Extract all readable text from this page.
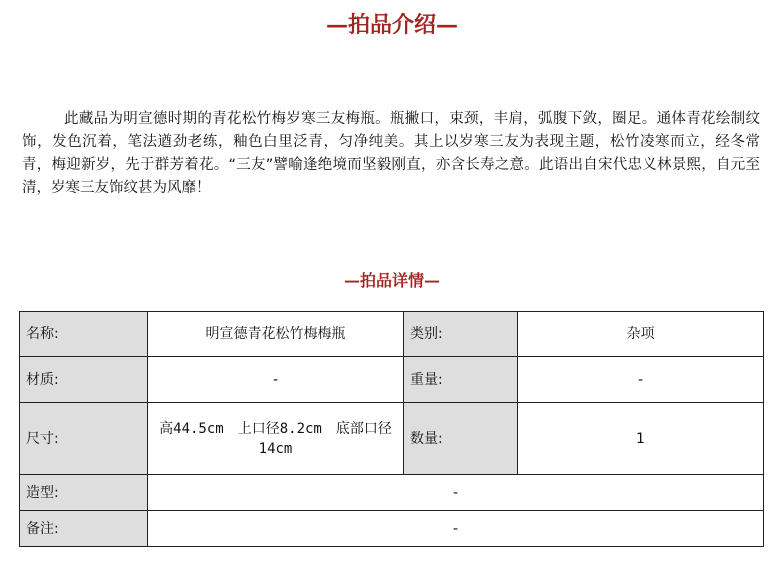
—拍品介绍—

此藏品为明宣德时期的青花松竹梅岁寒三友梅瓶。瓶撇口，束颈，丰肩，弧腹下敛，圈足。通体青花绘制纹饰，发色沉着，笔法遒劲老练，釉色白里泛青，匀净纯美。其上以岁寒三友为表现主题，松竹凌寒而立，经冬常青，梅迎新岁，先于群芳着花。“三友”譬喻逢绝境而坚毅刚直，亦含长寿之意。此语出自宋代忠义林景熙，自元至清，岁寒三友饰纹甚为风靡！

—拍品详情—
名称:	明宣德青花松竹梅梅瓶	类别:	杂项
材质:	-	重量:	-
尺寸:	高44.5cm　上口径8.2cm　底部口径14cm	数量:	1
造型:	-		
备注:	-		
